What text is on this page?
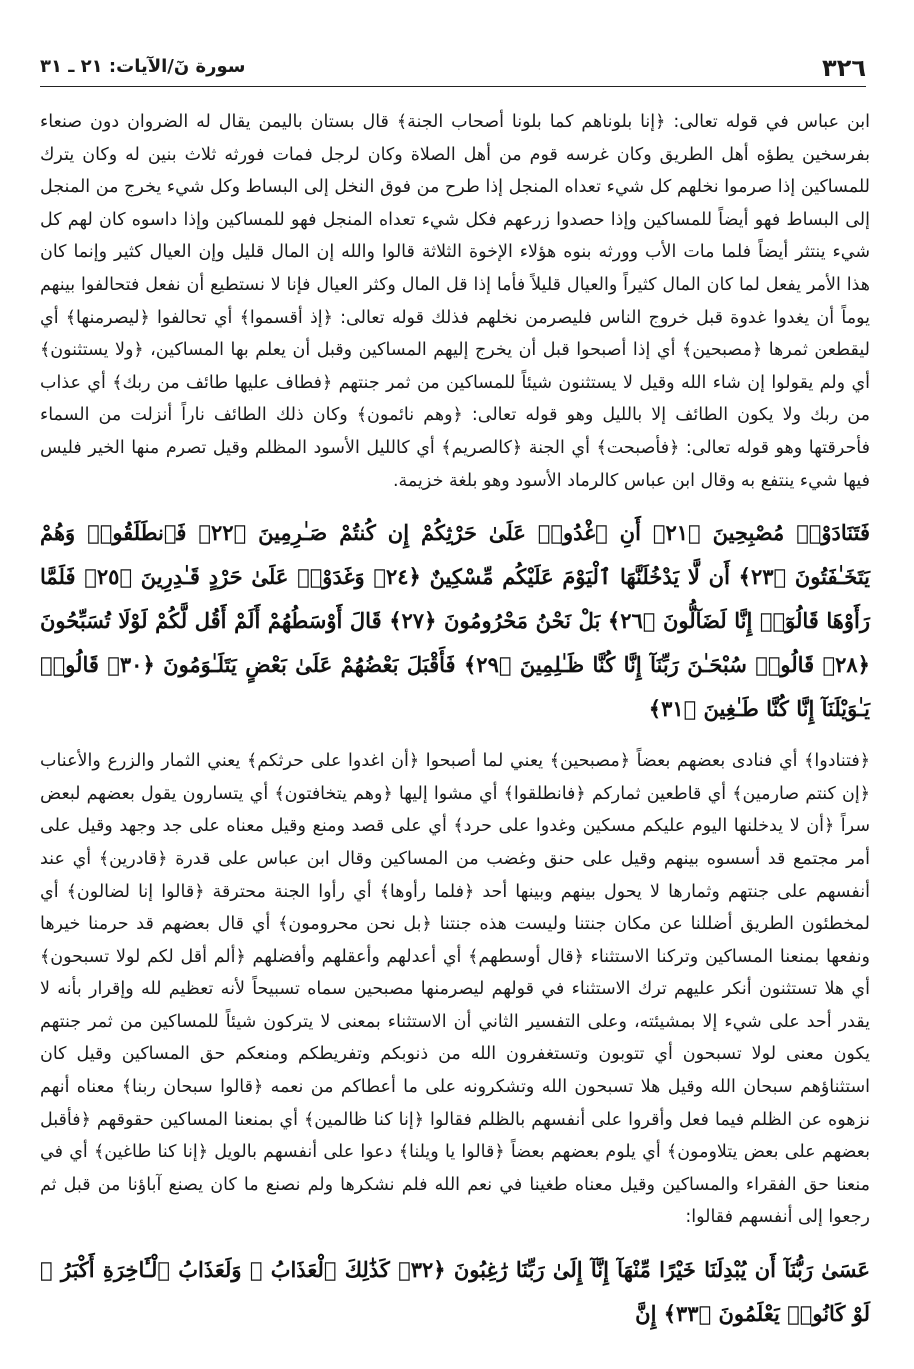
٣٢٦
سورة نٓ/الآيات: ٢١ ـ ٣١

ابن عباس في قوله تعالى: ﴿إنا بلوناهم كما بلونا أصحاب الجنة﴾ قال بستان باليمن يقال له الضروان دون صنعاء بفرسخين يطؤه أهل الطريق وكان غرسه قوم من أهل الصلاة وكان لرجل فمات فورثه ثلاث بنين له وكان يترك للمساكين إذا صرموا نخلهم كل شيء تعداه المنجل إذا طرح من فوق النخل إلى البساط وكل شيء يخرج من المنجل إلى البساط فهو أيضاً للمساكين وإذا حصدوا زرعهم فكل شيء تعداه المنجل فهو للمساكين وإذا داسوه كان لهم كل شيء ينتثر أيضاً فلما مات الأب وورثه بنوه هؤلاء الإخوة الثلاثة قالوا والله إن المال قليل وإن العيال كثير وإنما كان هذا الأمر يفعل لما كان المال كثيراً والعيال قليلاً فأما إذا قل المال وكثر العيال فإنا لا نستطيع أن نفعل فتحالفوا بينهم يوماً أن يغدوا غدوة قبل خروج الناس فليصرمن نخلهم فذلك قوله تعالى: ﴿إذ أقسموا﴾ أي تحالفوا ﴿ليصرمنها﴾ أي ليقطعن ثمرها ﴿مصبحين﴾ أي إذا أصبحوا قبل أن يخرج إليهم المساكين وقبل أن يعلم بها المساكين، ﴿ولا يستثنون﴾ أي ولم يقولوا إن شاء الله وقيل لا يستثنون شيئاً للمساكين من ثمر جنتهم ﴿فطاف عليها طائف من ربك﴾ أي عذاب من ربك ولا يكون الطائف إلا بالليل وهو قوله تعالى: ﴿وهم نائمون﴾ وكان ذلك الطائف ناراً أنزلت من السماء فأحرقتها وهو قوله تعالى: ﴿فأصبحت﴾ أي الجنة ﴿كالصريم﴾ أي كالليل الأسود المظلم وقيل تصرم منها الخير فليس فيها شيء ينتفع به وقال ابن عباس كالرماد الأسود وهو بلغة خزيمة.

فَتَنَادَوْا۟ مُصْبِحِينَ ﴿٢١﴾ أَنِ ٱغْدُوا۟ عَلَىٰ حَرْثِكُمْ إِن كُنتُمْ صَـٰرِمِينَ ﴿٢٢﴾ فَٱنطَلَقُوا۟ وَهُمْ يَتَخَـٰفَتُونَ ﴿٢٣﴾ أَن لَّا يَدْخُلَنَّهَا ٱلْيَوْمَ عَلَيْكُم مِّسْكِينٌ ﴿٢٤﴾ وَغَدَوْا۟ عَلَىٰ حَرْدٍ قَـٰدِرِينَ ﴿٢٥﴾ فَلَمَّا رَأَوْهَا قَالُوٓا۟ إِنَّا لَضَآلُّونَ ﴿٢٦﴾ بَلْ نَحْنُ مَحْرُومُونَ ﴿٢٧﴾ قَالَ أَوْسَطُهُمْ أَلَمْ أَقُل لَّكُمْ لَوْلَا تُسَبِّحُونَ ﴿٢٨﴾ قَالُوا۟ سُبْحَـٰنَ رَبِّنَآ إِنَّا كُنَّا ظَـٰلِمِينَ ﴿٢٩﴾ فَأَقْبَلَ بَعْضُهُمْ عَلَىٰ بَعْضٍ يَتَلَـٰوَمُونَ ﴿٣٠﴾ قَالُوا۟ يَـٰوَيْلَنَآ إِنَّا كُنَّا طَـٰغِينَ ﴿٣١﴾

﴿فتنادوا﴾ أي فنادى بعضهم بعضاً ﴿مصبحين﴾ يعني لما أصبحوا ﴿أن اغدوا على حرثكم﴾ يعني الثمار والزرع والأعناب ﴿إن كنتم صارمين﴾ أي قاطعين ثماركم ﴿فانطلقوا﴾ أي مشوا إليها ﴿وهم يتخافتون﴾ أي يتسارون يقول بعضهم لبعض سراً ﴿أن لا يدخلنها اليوم عليكم مسكين وغدوا على حرد﴾ أي على قصد ومنع وقيل معناه على جد وجهد وقيل على أمر مجتمع قد أسسوه بينهم وقيل على حنق وغضب من المساكين وقال ابن عباس على قدرة ﴿قادرين﴾ أي عند أنفسهم على جنتهم وثمارها لا يحول بينهم وبينها أحد ﴿فلما رأوها﴾ أي رأوا الجنة محترقة ﴿قالوا إنا لضالون﴾ أي لمخطئون الطريق أضللنا عن مكان جنتنا وليست هذه جنتنا ﴿بل نحن محرومون﴾ أي قال بعضهم قد حرمنا خيرها ونفعها بمنعنا المساكين وتركنا الاستثناء ﴿قال أوسطهم﴾ أي أعدلهم وأعقلهم وأفضلهم ﴿ألم أقل لكم لولا تسبحون﴾ أي هلا تستثنون أنكر عليهم ترك الاستثناء في قولهم ليصرمنها مصبحين سماه تسبيحاً لأنه تعظيم لله وإقرار بأنه لا يقدر أحد على شيء إلا بمشيئته، وعلى التفسير الثاني أن الاستثناء بمعنى لا يتركون شيئاً للمساكين من ثمر جنتهم يكون معنى لولا تسبحون أي تتوبون وتستغفرون الله من ذنوبكم وتفريطكم ومنعكم حق المساكين وقيل كان استثناؤهم سبحان الله وقيل هلا تسبحون الله وتشكرونه على ما أعطاكم من نعمه ﴿قالوا سبحان ربنا﴾ معناه أنهم نزهوه عن الظلم فيما فعل وأقروا على أنفسهم بالظلم فقالوا ﴿إنا كنا ظالمين﴾ أي بمنعنا المساكين حقوقهم ﴿فأقبل بعضهم على بعض يتلاومون﴾ أي يلوم بعضهم بعضاً ﴿قالوا يا ويلنا﴾ دعوا على أنفسهم بالويل ﴿إنا كنا طاغين﴾ أي في منعنا حق الفقراء والمساكين وقيل معناه طغينا في نعم الله فلم نشكرها ولم نصنع ما كان يصنع آباؤنا من قبل ثم رجعوا إلى أنفسهم فقالوا:

عَسَىٰ رَبُّنَآ أَن يُبْدِلَنَا خَيْرًا مِّنْهَآ إِنَّآ إِلَىٰ رَبِّنَا رَٰغِبُونَ ﴿٣٢﴾ كَذَٰلِكَ ٱلْعَذَابُ ۖ وَلَعَذَابُ ٱلْـَٔاخِرَةِ أَكْبَرُ ۚ لَوْ كَانُوا۟ يَعْلَمُونَ ﴿٣٣﴾ إِنَّ
